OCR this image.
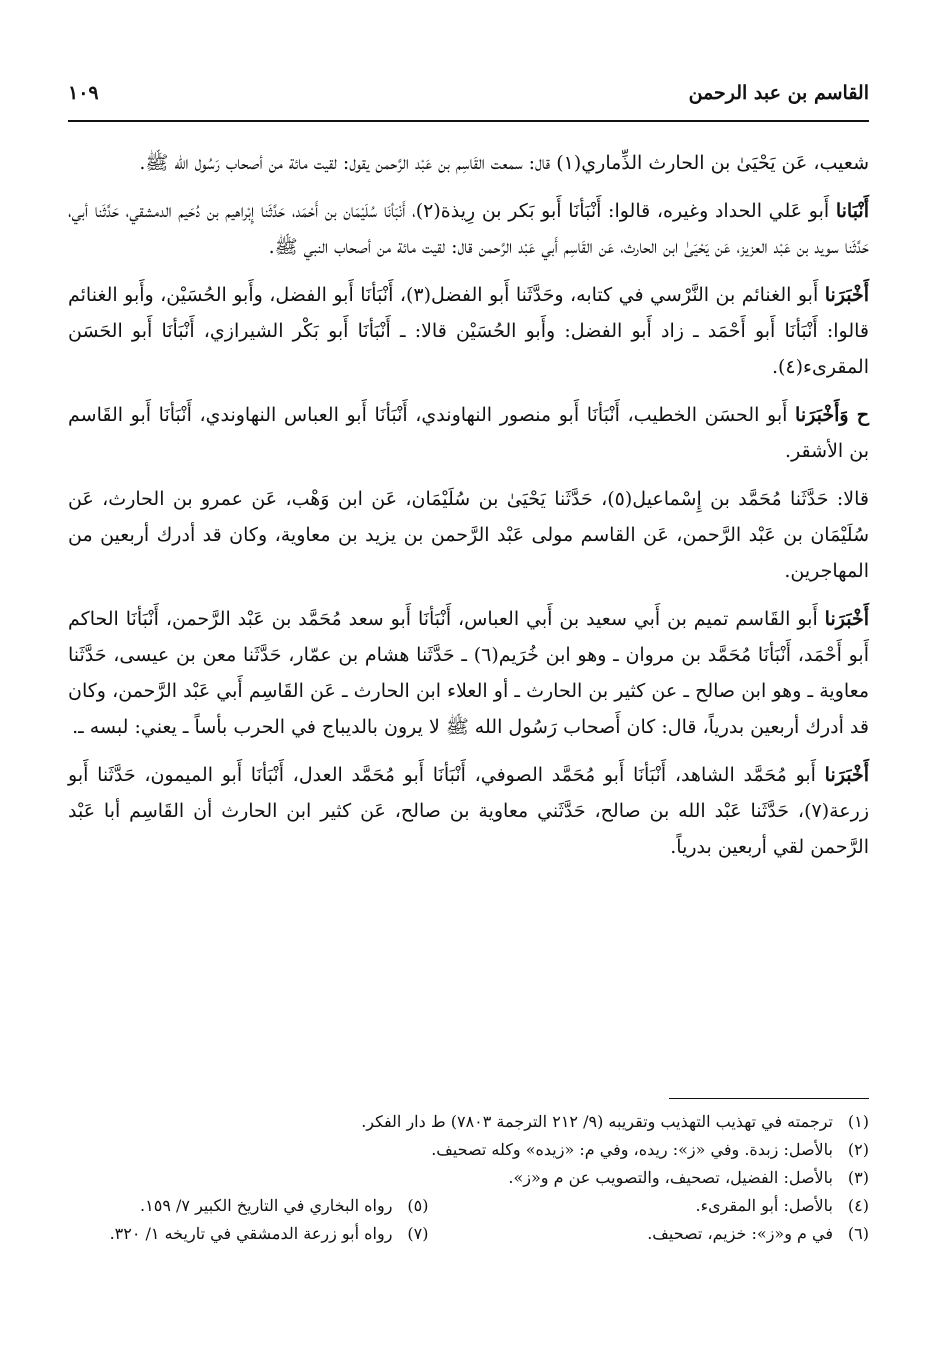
القاسم بن عبد الرحمن
١٠٩

شعيب، عَن يَحْيَىٰ بن الحارث الذِّماري(١) قال: سمعت القَاسِم بن عَبْد الرَّحمن يقول: لقيت مائة من أصحاب رَسُول الله ﷺ.

أَنْبَانا أَبو عَلي الحداد وغيره، قالوا: أَنْبَأنَا أَبو بَكر بن رِيذة(٢)، أَنْبَأنَا سُلَيْمَان بن أَحْمَد، حَدَّثَنا إِبْراهيم بن دُحَيم الدمشقي، حَدَّثَنا أبي، حَدَّثَنا سويد بن عَبْد العزيز، عَن يَحْيَىٰ ابن الحارث، عَن القَاسِم أَبي عَبْد الرَّحمن قال: لقيت مائة من أصحاب النبي ﷺ.

أَخْبَرَنا أَبو الغنائم بن النَّرْسي في كتابه، وحَدَّثَنا أَبو الفضل(٣)، أَنْبَأنَا أَبو الفضل، وأَبو الحُسَيْن، وأَبو الغنائم قالوا: أَنْبَأنَا أَبو أَحْمَد ـ زاد أَبو الفضل: وأَبو الحُسَيْن قالا: ـ أَنْبَأنَا أَبو بَكْر الشيرازي، أَنْبَأنَا أَبو الحَسَن المقرىء(٤).

ح وَأَخْبَرَنا أَبو الحسَن الخطيب، أَنْبَأنَا أَبو منصور النهاوندي، أَنْبَأنَا أَبو العباس النهاوندي، أَنْبَأنَا أَبو القَاسم بن الأشقر.

قالا: حَدَّثَنا مُحَمَّد بن إِسْماعيل(٥)، حَدَّثَنا يَحْيَىٰ بن سُلَيْمَان، عَن ابن وَهْب، عَن عمرو بن الحارث، عَن سُلَيْمَان بن عَبْد الرَّحمن، عَن القاسم مولى عَبْد الرَّحمن بن يزيد بن معاوية، وكان قد أدرك أربعين من المهاجرين.

أَخْبَرَنا أَبو القَاسم تميم بن أَبي سعيد بن أَبي العباس، أَنْبَأنَا أَبو سعد مُحَمَّد بن عَبْد الرَّحمن، أَنْبَأنَا الحاكم أَبو أَحْمَد، أَنْبَأنَا مُحَمَّد بن مروان ـ وهو ابن خُرَيم(٦) ـ حَدَّثَنا هشام بن عمّار، حَدَّثَنا معن بن عيسى، حَدَّثَنا معاوية ـ وهو ابن صالح ـ عن كثير بن الحارث ـ أو العلاء ابن الحارث ـ عَن القَاسِم أَبي عَبْد الرَّحمن، وكان قد أدرك أربعين بدرياً، قال: كان أَصحاب رَسُول الله ﷺ لا يرون بالديباج في الحرب بأساً ـ يعني: لبسه ـ.

أَخْبَرَنا أَبو مُحَمَّد الشاهد، أَنْبَأنَا أَبو مُحَمَّد الصوفي، أَنْبَأنَا أَبو مُحَمَّد العدل، أَنْبَأنَا أَبو الميمون، حَدَّثَنا أَبو زرعة(٧)، حَدَّثَنا عَبْد الله بن صالح، حَدَّثَني معاوية بن صالح، عَن كثير ابن الحارث أن القَاسِم أبا عَبْد الرَّحمن لقي أربعين بدرياً.

(١)ترجمته في تهذيب التهذيب وتقريبه (٩/ ٢١٢ الترجمة ٧٨٠٣) ط دار الفكر.

(٢)بالأصل: زبدة. وفي «ز»: ريده، وفي م: «زيده» وكله تصحيف.

(٣)بالأصل: الفضيل، تصحيف، والتصويب عن م و«ز».

(٤)بالأصل: أبو المقرىء.

(٥)رواه البخاري في التاريخ الكبير ٧/ ١٥٩.

(٦)في م و«ز»: خزيم، تصحيف.

(٧)رواه أبو زرعة الدمشقي في تاريخه ١/ ٣٢٠.
